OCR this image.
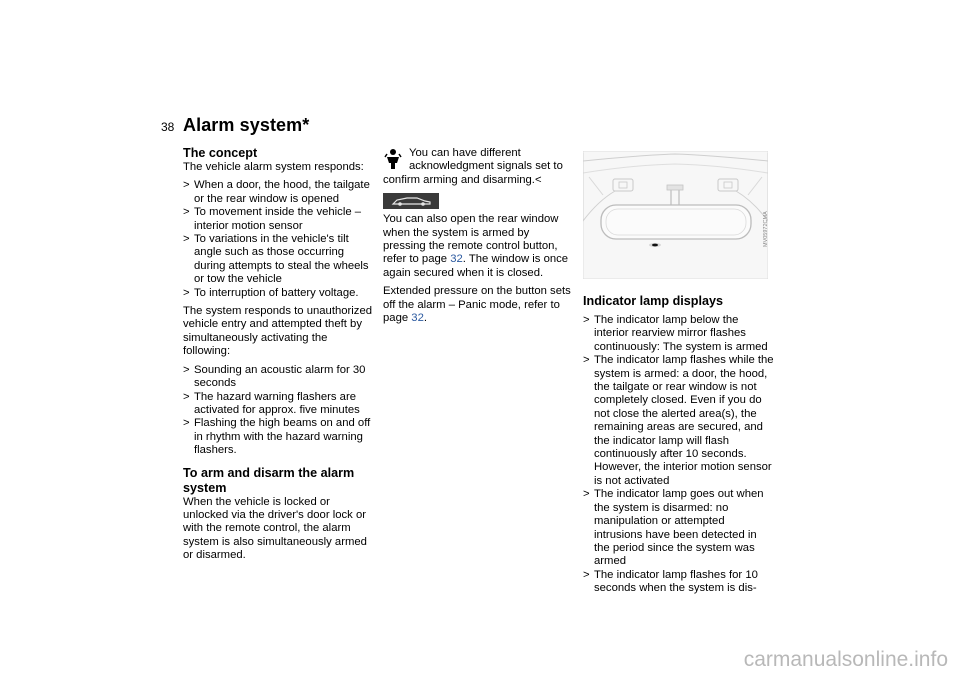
38 Alarm system*
The concept

The vehicle alarm system responds:

> When a door, the hood, the tailgate or the rear window is opened
> To movement inside the vehicle – interior motion sensor
> To variations in the vehicle's tilt angle such as those occurring during attempts to steal the wheels or tow the vehicle
> To interruption of battery voltage.

The system responds to unauthorized vehicle entry and attempted theft by simultaneously activating the following:

> Sounding an acoustic alarm for 30 seconds
> The hazard warning flashers are activated for approx. five minutes
> Flashing the high beams on and off in rhythm with the hazard warning flashers.
To arm and disarm the alarm system

When the vehicle is locked or unlocked via the driver's door lock or with the remote control, the alarm system is also simultaneously armed or disarmed.

You can have different acknowledgment signals set to confirm arming and disarming.<

You can also open the rear window when the system is armed by pressing the remote control button, refer to page 32. The window is once again secured when it is closed.

Extended pressure on the button sets off the alarm – Panic mode, refer to page 32.

MV05972CMA
Indicator lamp displays
> The indicator lamp below the interior rearview mirror flashes continuously: The system is armed
> The indicator lamp flashes while the system is armed: a door, the hood, the tailgate or rear window is not completely closed. Even if you do not close the alerted area(s), the remaining areas are secured, and the indicator lamp will flash continuously after 10 seconds. However, the interior motion sensor is not activated
> The indicator lamp goes out when the system is disarmed: no manipulation or attempted intrusions have been detected in the period since the system was armed
> The indicator lamp flashes for 10 seconds when the system is dis-
carmanualsonline.info
